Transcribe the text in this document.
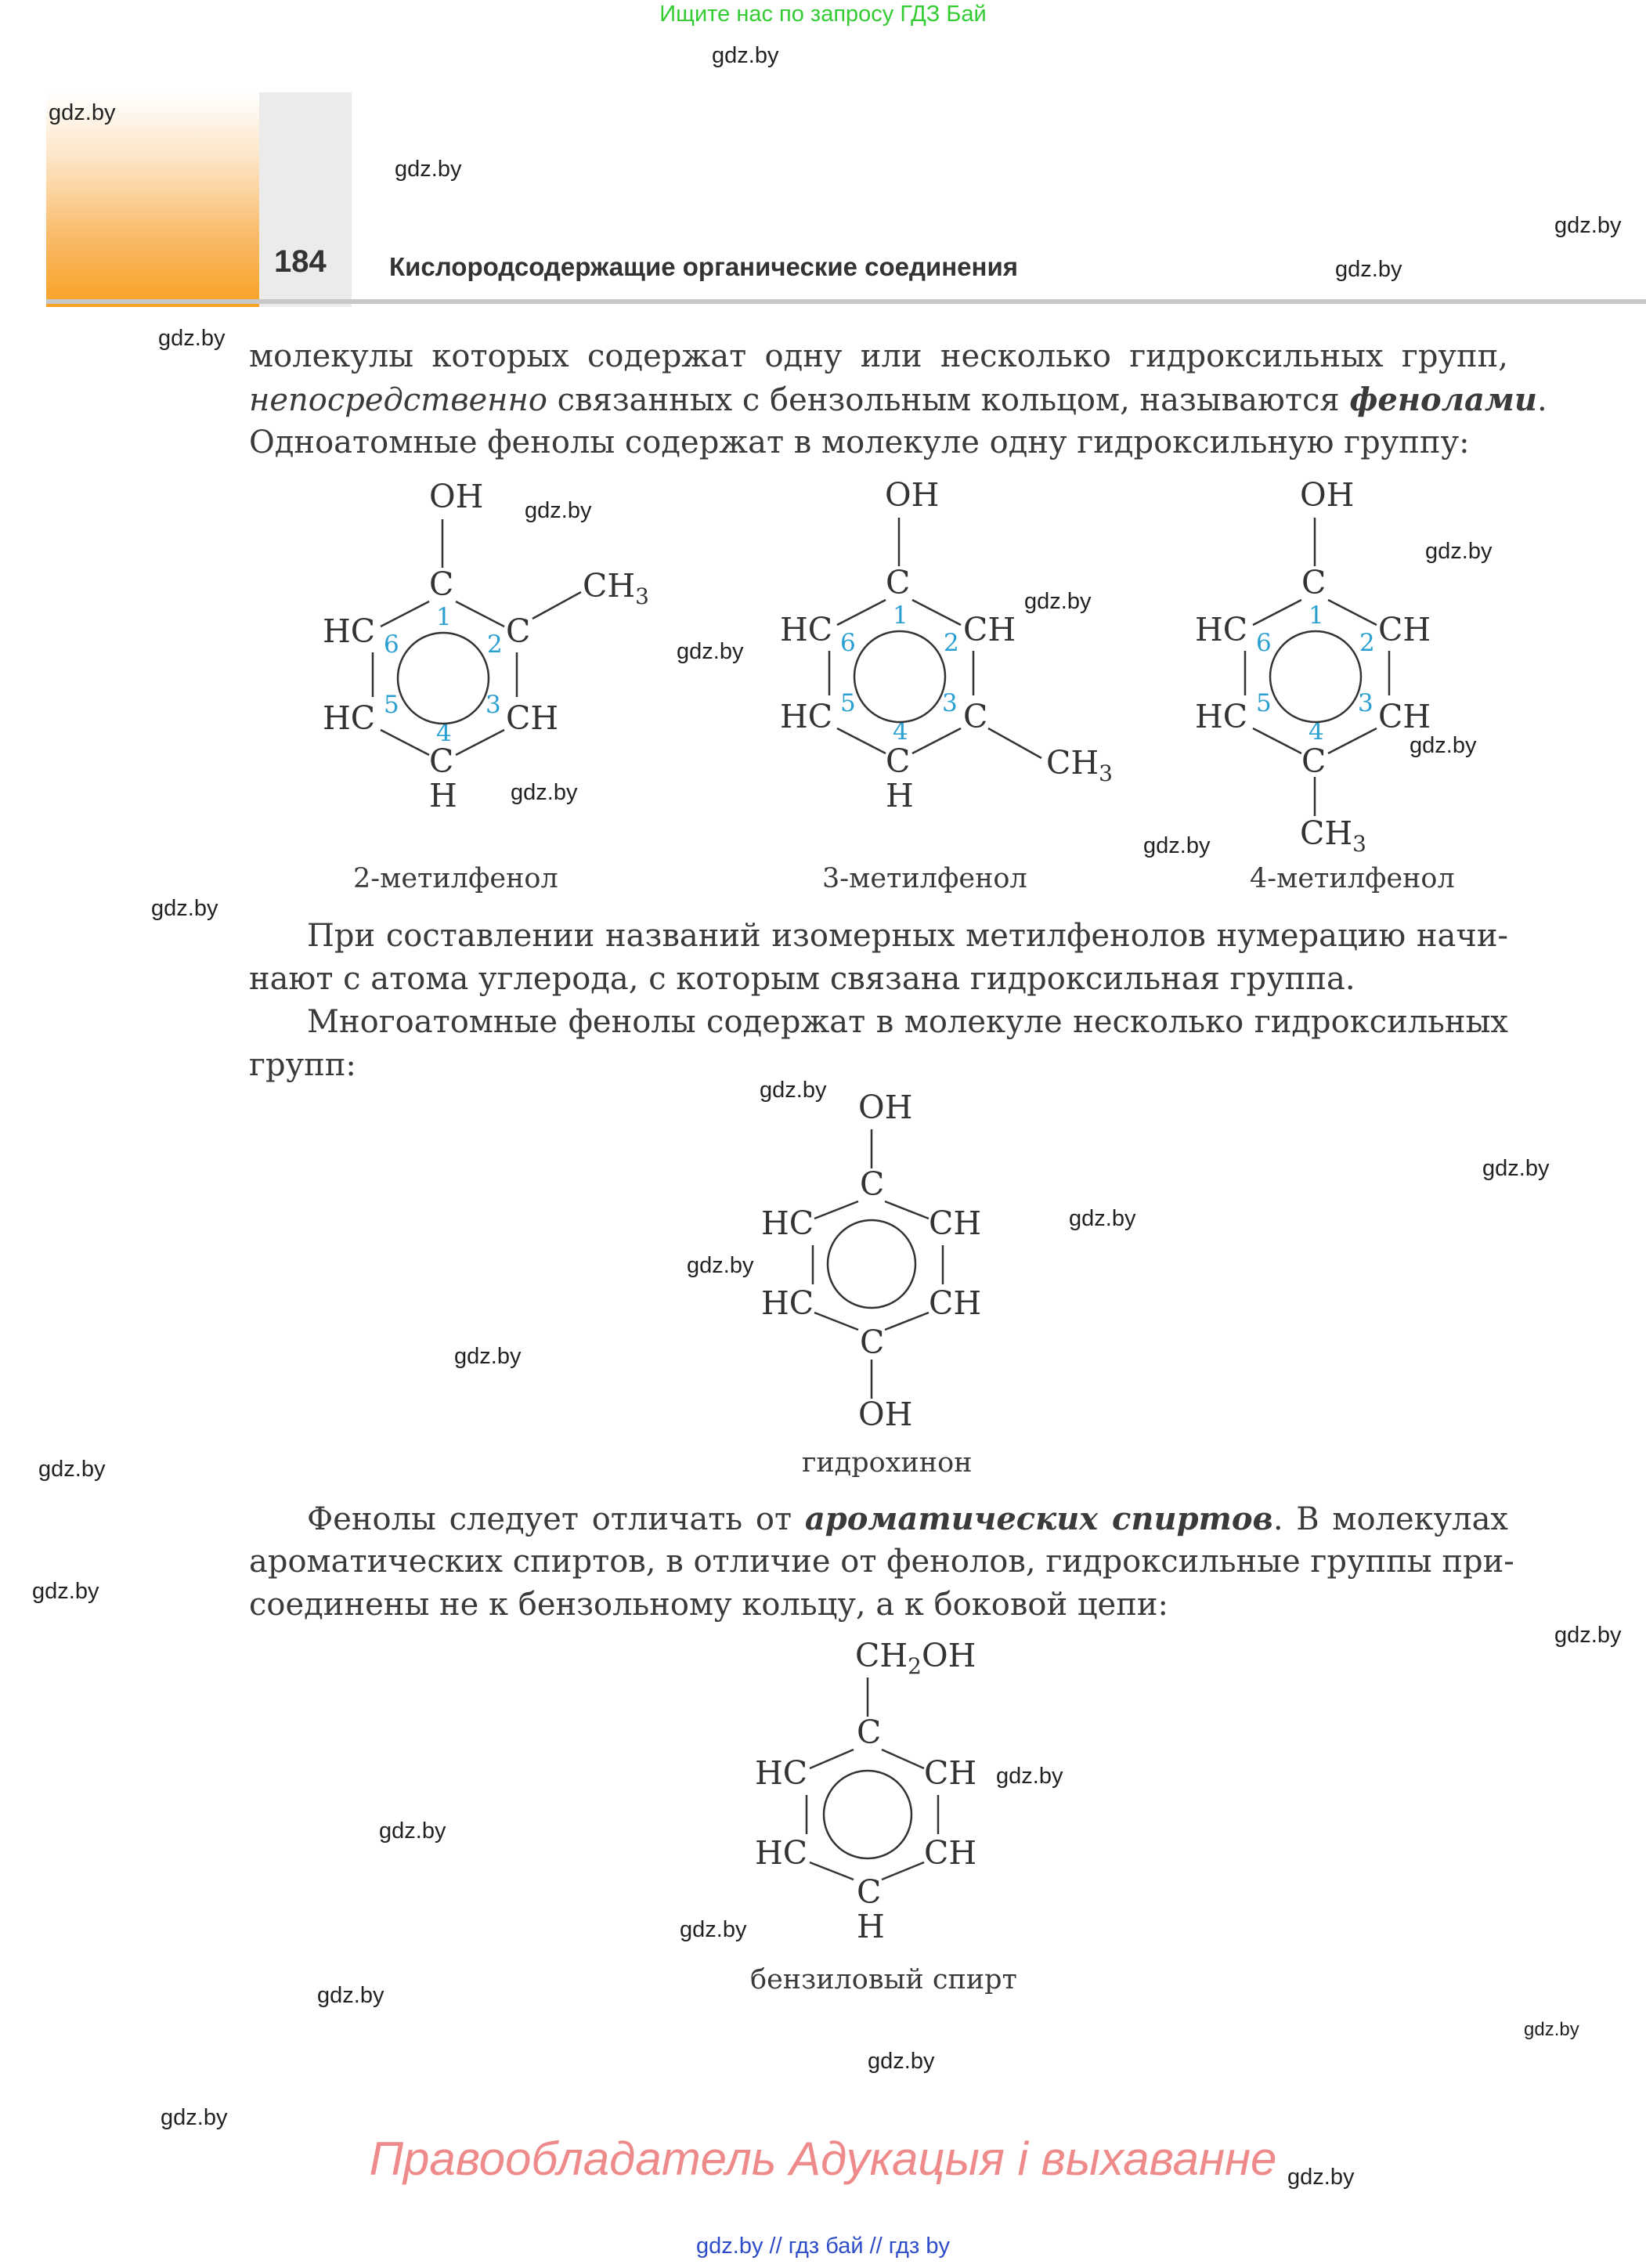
Ищите нас по запросу ГДЗ Бай
184 Кислородсодержащие органические соединения
молекулы которых содержат одну или несколько гидроксильных групп,
непосредственно связанных с бензольным кольцом, называются фенолами.
Одноатомные фенолы содержат в молекуле одну гидроксильную группу:
OH
C
HC	C
HC	CH
C
H
$CH_3$
1
2
3
4
5
6
OH
C
HC	CH
HC	C
C
H
$CH_3$
1
2
3
4
5
6
OH
C
HC	CH
HC	CH
C
$CH_3$
1
2
3
4
5
6
2-метилфенол	3-метилфенол	4-метилфенол
При составлении названий изомерных метилфенолов нумерацию начи-
нают с атома углерода, с которым связана гидроксильная группа.
Многоатомные фенолы содержат в молекуле несколько гидроксильных
групп:
OH
C
HC	CH
HC	CH
C
OH
гидрохинон
Фенолы следует отличать от ароматических спиртов. В молекулах
ароматических спиртов, в отличие от фенолов, гидроксильные группы при-
соединены не к бензольному кольцу, а к боковой цепи:
$CH_2OH$
C
HC	CH
HC	CH
C
H
бензиловый спирт
gdz.by
gdz.by
gdz.by
gdz.by
gdz.by
gdz.by
gdz.by
gdz.by
gdz.by
gdz.by
gdz.by
gdz.by
gdz.by
gdz.by
gdz.by
gdz.by
gdz.by
gdz.by
gdz.by
gdz.by
gdz.by
gdz.by
gdz.by
gdz.by
gdz.by
gdz.by
gdz.by
gdz.by
gdz.by
gdz.by
Правообладатель Адукацыя і выхаванне
gdz.by // гдз бай // гдз by
